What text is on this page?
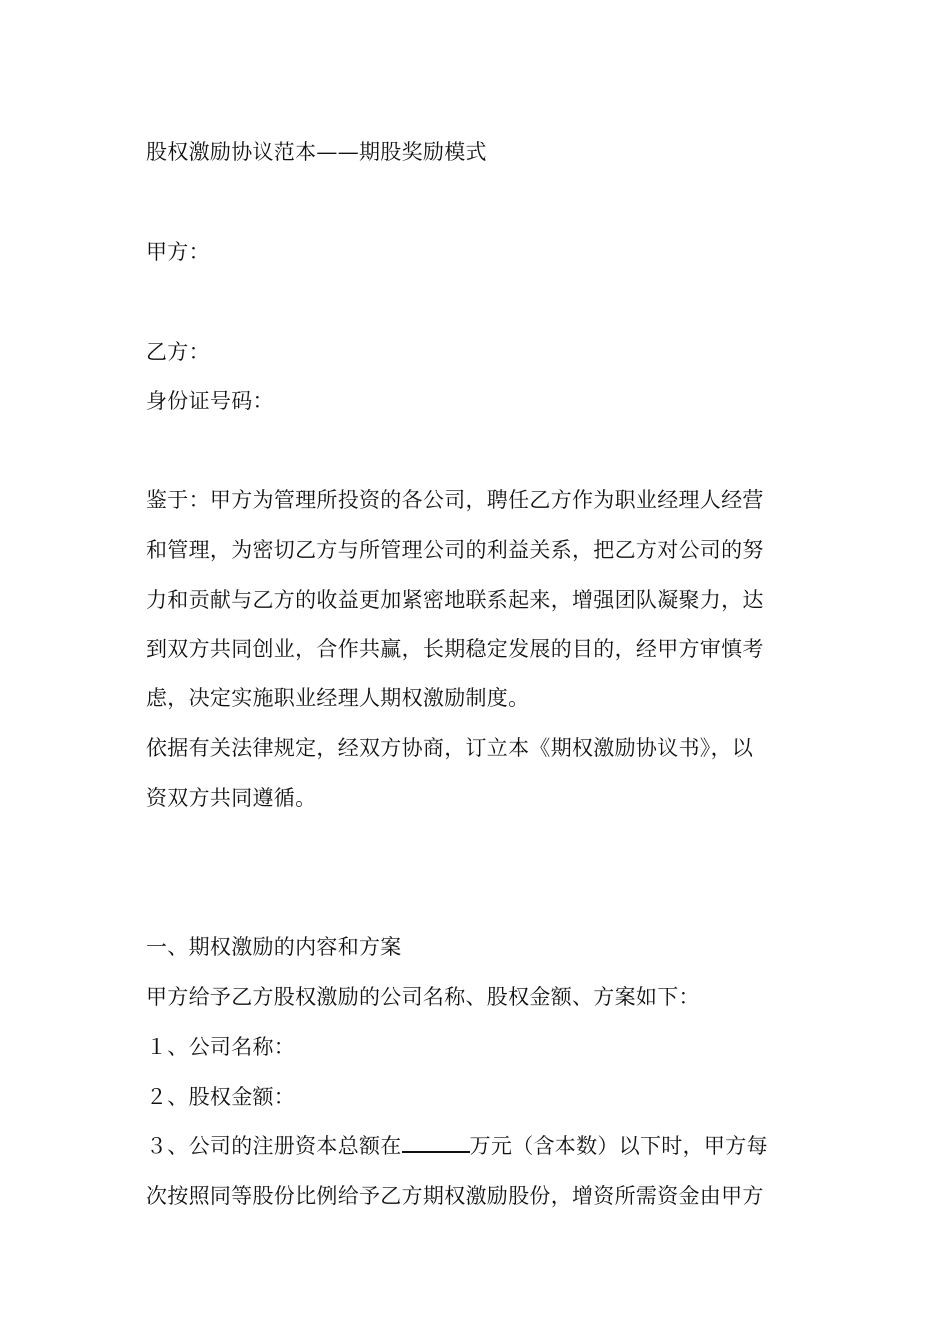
股权激励协议范本——期股奖励模式
甲方：
乙方：
身份证号码：
鉴于：甲方为管理所投资的各公司，聘任乙方作为职业经理人经营
和管理，为密切乙方与所管理公司的利益关系，把乙方对公司的努
力和贡献与乙方的收益更加紧密地联系起来，增强团队凝聚力，达
到双方共同创业，合作共赢，长期稳定发展的目的，经甲方审慎考
虑，决定实施职业经理人期权激励制度。
依据有关法律规定，经双方协商，订立本《期权激励协议书》，以
资双方共同遵循。
一、期权激励的内容和方案
甲方给予乙方股权激励的公司名称、股权金额、方案如下：
１、公司名称：
２、股权金额：
３、公司的注册资本总额在	万元（含本数）以下时，甲方每
次按照同等股份比例给予乙方期权激励股份，增资所需资金由甲方
